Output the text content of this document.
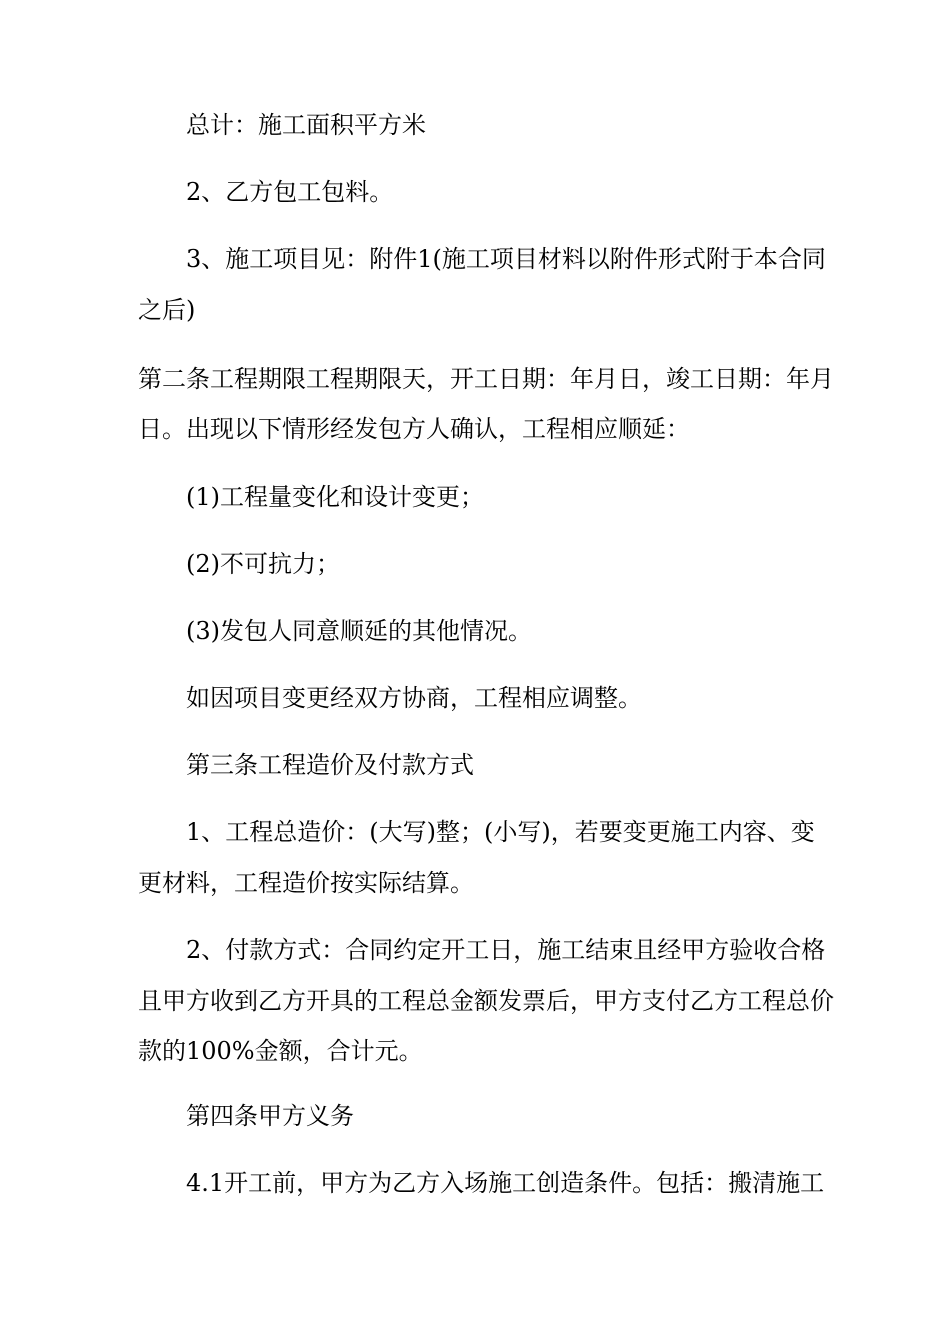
总计：施工面积平方米
2、乙方包工包料。
3、施工项目见：附件1(施工项目材料以附件形式附于本合同
之后)
第二条工程期限工程期限天，开工日期：年月日，竣工日期：年月
日。出现以下情形经发包方人确认，工程相应顺延：
(1)工程量变化和设计变更；
(2)不可抗力；
(3)发包人同意顺延的其他情况。
如因项目变更经双方协商，工程相应调整。
第三条工程造价及付款方式
1、工程总造价：(大写)整；(小写)，若要变更施工内容、变
更材料，工程造价按实际结算。
2、付款方式：合同约定开工日，施工结束且经甲方验收合格
且甲方收到乙方开具的工程总金额发票后，甲方支付乙方工程总价
款的100%金额，合计元。
第四条甲方义务
4.1开工前，甲方为乙方入场施工创造条件。包括：搬清施工
